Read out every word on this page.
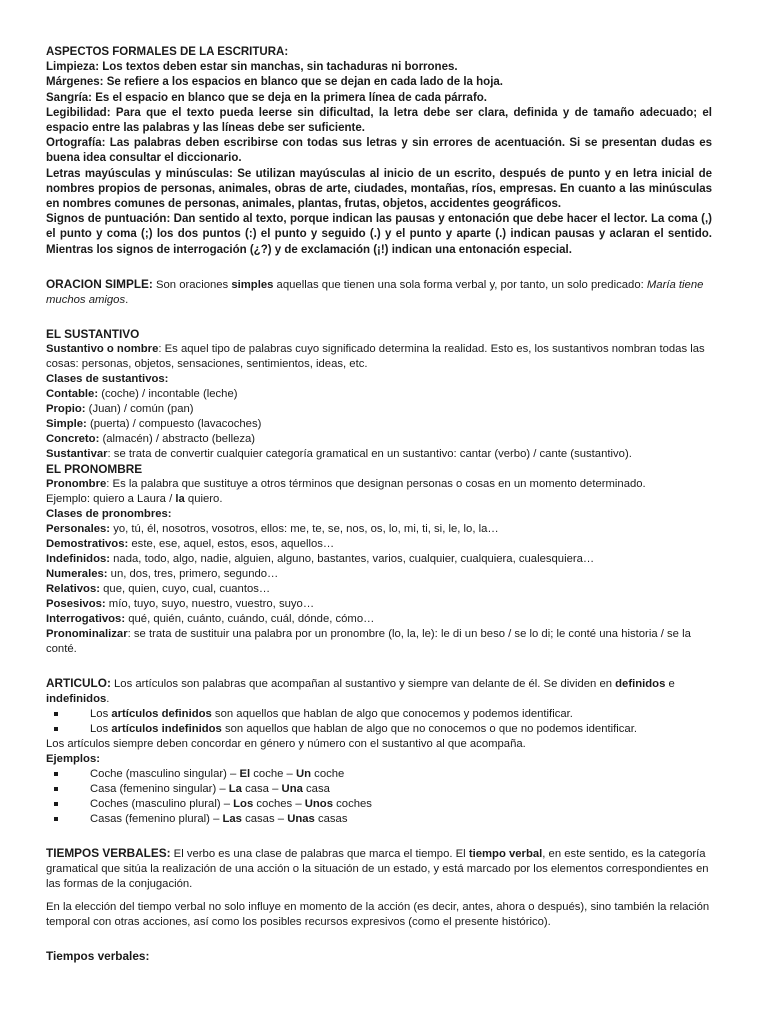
ASPECTOS FORMALES DE LA ESCRITURA:

Limpieza: Los textos deben estar sin manchas, sin tachaduras ni borrones.

Márgenes: Se refiere a los espacios en blanco que se dejan en cada lado de la hoja.

Sangría: Es el espacio en blanco que se deja en la primera línea de cada párrafo.

Legibilidad: Para que el texto pueda leerse sin dificultad, la letra debe ser clara, definida y de tamaño adecuado; el espacio entre las palabras y las líneas debe ser suficiente.

Ortografía: Las palabras deben escribirse con todas sus letras y sin errores de acentuación. Si se presentan dudas es buena idea consultar el diccionario.

Letras mayúsculas y minúsculas: Se utilizan mayúsculas al inicio de un escrito, después de punto y en letra inicial de nombres propios de personas, animales, obras de arte, ciudades, montañas, ríos, empresas. En cuanto a las minúsculas en nombres comunes de personas, animales, plantas, frutas, objetos, accidentes geográficos.

Signos de puntuación: Dan sentido al texto, porque indican las pausas y entonación que debe hacer el lector. La coma (,) el punto y coma (;) los dos puntos (:) el punto y seguido (.) y el punto y aparte (.) indican pausas y aclaran el sentido. Mientras los signos de interrogación (¿?) y de exclamación (¡!) indican una entonación especial.

ORACION SIMPLE: Son oraciones simples aquellas que tienen una sola forma verbal y, por tanto, un solo predicado: María tiene muchos amigos.

EL SUSTANTIVO

Sustantivo o nombre: Es aquel tipo de palabras cuyo significado determina la realidad. Esto es, los sustantivos nombran todas las cosas: personas, objetos, sensaciones, sentimientos, ideas, etc.

Clases de sustantivos:

Contable: (coche) / incontable (leche)

Propio: (Juan) / común (pan)

Simple: (puerta) / compuesto (lavacoches)

Concreto: (almacén) / abstracto (belleza)

Sustantivar: se trata de convertir cualquier categoría gramatical en un sustantivo: cantar (verbo) / cante (sustantivo).

EL PRONOMBRE

Pronombre: Es la palabra que sustituye a otros términos que designan personas o cosas en un momento determinado.

Ejemplo: quiero a Laura / la quiero.

Clases de pronombres:

Personales: yo, tú, él, nosotros, vosotros, ellos: me, te, se, nos, os, lo, mi, ti, si, le, lo, la…

Demostrativos: este, ese, aquel, estos, esos, aquellos…

Indefinidos: nada, todo, algo, nadie, alguien, alguno, bastantes, varios, cualquier, cualquiera, cualesquiera…

Numerales: un, dos, tres, primero, segundo…

Relativos: que, quien, cuyo, cual, cuantos…

Posesivos: mío, tuyo, suyo, nuestro, vuestro, suyo…

Interrogativos: qué, quién, cuánto, cuándo, cuál, dónde, cómo…

Pronominalizar: se trata de sustituir una palabra por un pronombre (lo, la, le): le di un beso / se lo di; le conté una historia / se la conté.

ARTICULO: Los artículos son palabras que acompañan al sustantivo y siempre van delante de él. Se dividen en definidos e indefinidos.

Los artículos definidos son aquellos que hablan de algo que conocemos y podemos identificar.
Los artículos indefinidos son aquellos que hablan de algo que no conocemos o que no podemos identificar.

Los artículos siempre deben concordar en género y número con el sustantivo al que acompaña.

Ejemplos:

Coche (masculino singular) – El coche – Un coche
Casa (femenino singular) – La casa – Una casa
Coches (masculino plural) – Los coches – Unos coches
Casas (femenino plural) – Las casas – Unas casas

TIEMPOS VERBALES: El verbo es una clase de palabras que marca el tiempo. El tiempo verbal, en este sentido, es la categoría gramatical que sitúa la realización de una acción o la situación de un estado, y está marcado por los elementos correspondientes en las formas de la conjugación.

En la elección del tiempo verbal no solo influye en momento de la acción (es decir, antes, ahora o después), sino también la relación temporal con otras acciones, así como los posibles recursos expresivos (como el presente histórico).

Tiempos verbales:
